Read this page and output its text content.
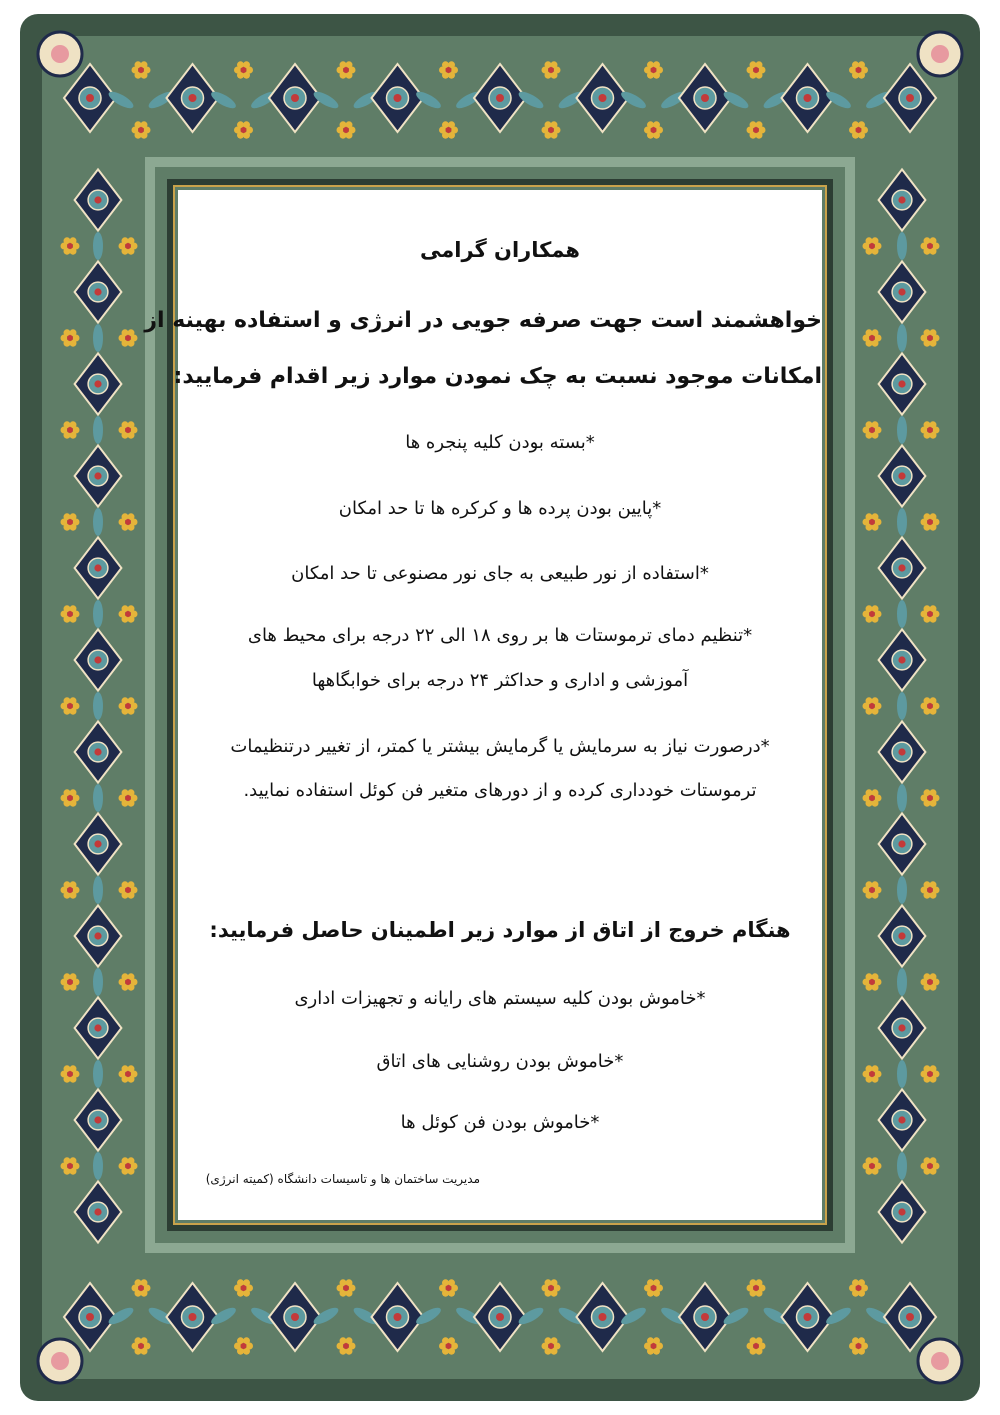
همکاران گرامی
خواهشمند است جهت صرفه جویی در انرژی و استفاده بهینه از
امکانات موجود نسبت به چک نمودن موارد زیر اقدام فرمایید:
*بسته بودن کلیه پنجره ها
*پایین بودن پرده ها و کرکره ها تا حد امکان
*استفاده از نور طبیعی به جای نور مصنوعی تا حد امکان
*تنظیم دمای ترموستات ها بر روی ۱۸ الی ۲۲ درجه برای محیط های
آموزشی و اداری و حداکثر ۲۴ درجه برای خوابگاهها
*درصورت نیاز به سرمایش یا گرمایش بیشتر یا کمتر، از تغییر درتنظیمات
ترموستات خودداری کرده و از دورهای متغیر فن کوئل استفاده نمایید.
هنگام خروج از اتاق از موارد زیر اطمینان حاصل فرمایید:
*خاموش بودن کلیه سیستم های رایانه و تجهیزات اداری
*خاموش بودن روشنایی های اتاق
*خاموش بودن فن کوئل ها
مدیریت ساختمان ها و تاسیسات دانشگاه (کمیته انرژی)
